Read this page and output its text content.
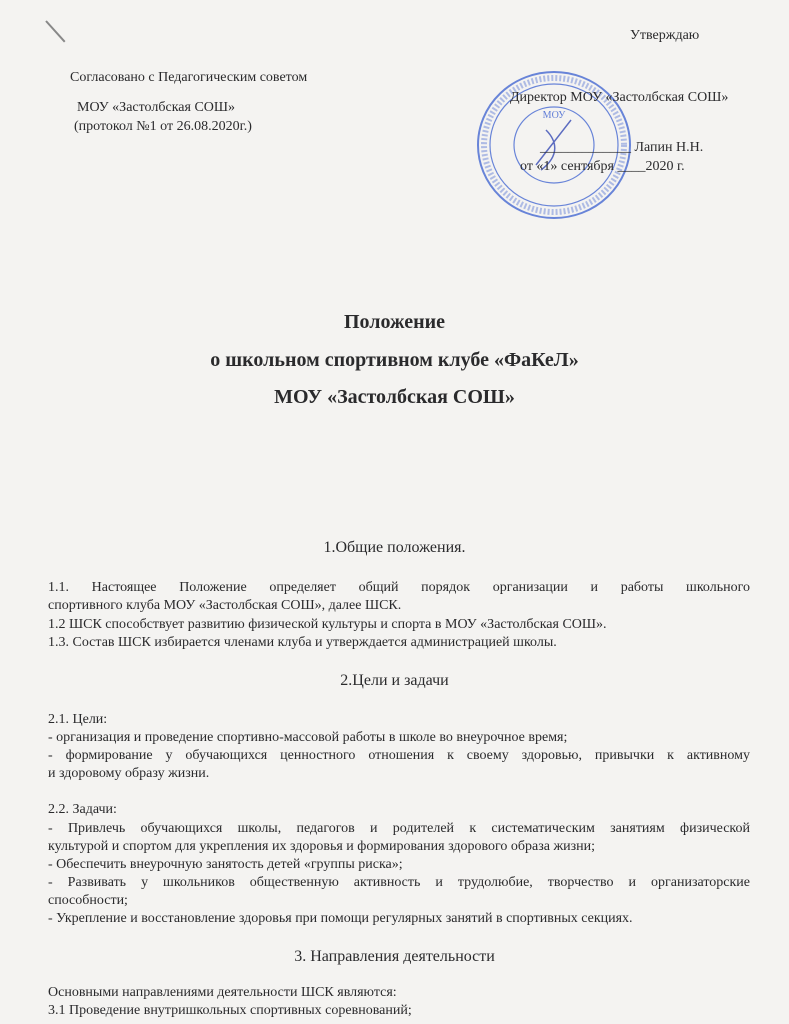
Утверждаю
Согласовано с Педагогическим советом
МОУ «Застолбская СОШ»
(протокол №1 от 26.08.2020г.)
МОУ
Директор МОУ «Застолбская СОШ»
_____________ Лапин Н.Н.
от «1» сентября ____2020 г.
Положение
о школьном спортивном клубе «ФаКеЛ»
МОУ «Застолбская СОШ»
1.Общие положения.
1.1. Настоящее Положение определяет общий порядок организации и работы школьного
спортивного клуба МОУ «Застолбская СОШ», далее ШСК.
1.2 ШСК способствует развитию физической культуры и спорта в МОУ «Застолбская СОШ».
1.3. Состав ШСК избирается членами клуба и утверждается администрацией школы.
2.Цели и задачи
2.1. Цели:
- организация и проведение спортивно-массовой работы в школе во внеурочное время;
- формирование у обучающихся ценностного отношения к своему здоровью, привычки к активному
и здоровому образу жизни.
2.2. Задачи:
- Привлечь обучающихся школы, педагогов и родителей к систематическим занятиям физической
культурой и спортом для укрепления их здоровья и формирования здорового образа жизни;
- Обеспечить внеурочную занятость детей «группы риска»;
- Развивать у школьников общественную активность и трудолюбие, творчество и организаторские
способности;
- Укрепление и восстановление здоровья при помощи регулярных занятий в спортивных секциях.
3. Направления деятельности
Основными направлениями деятельности ШСК являются:
3.1 Проведение внутришкольных спортивных соревнований;
